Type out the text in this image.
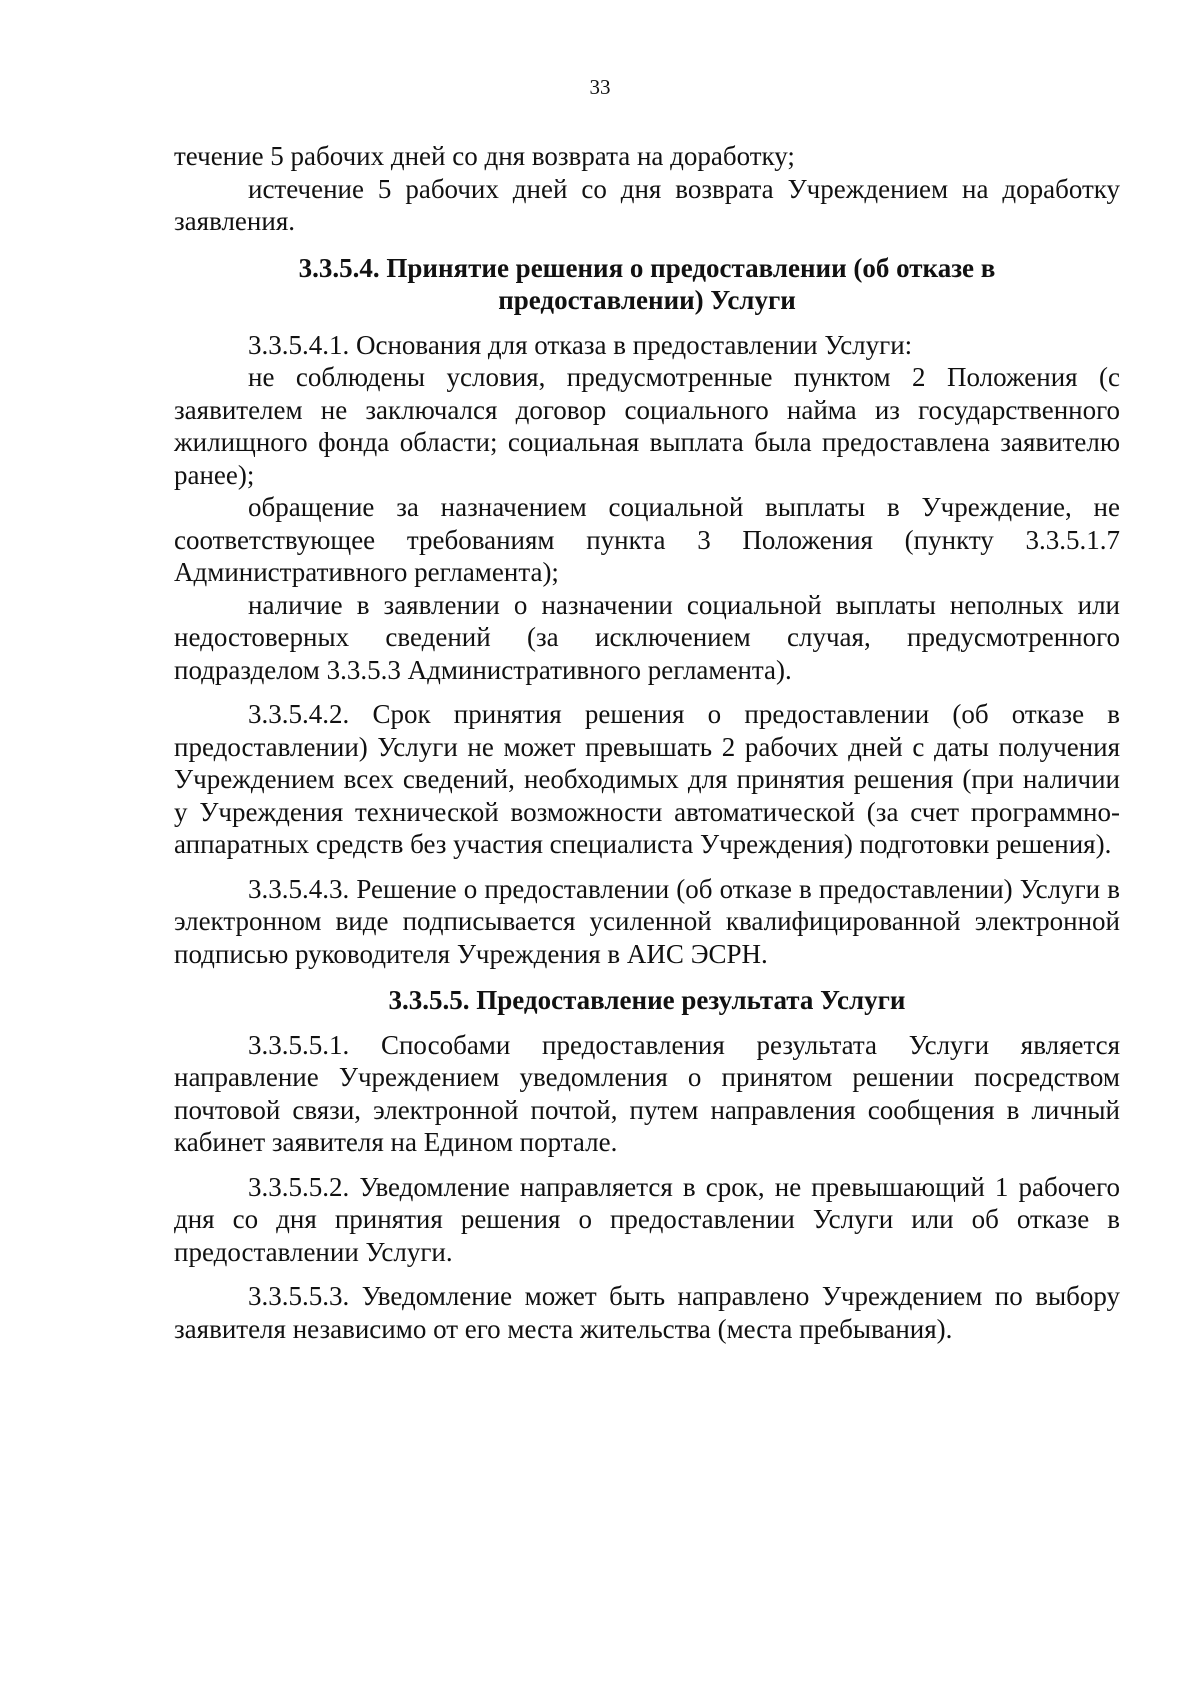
33

течение 5 рабочих дней со дня возврата на доработку;

истечение 5 рабочих дней со дня возврата Учреждением на доработку заявления.

3.3.5.4. Принятие решения о предоставлении (об отказе в предоставлении) Услуги

3.3.5.4.1. Основания для отказа в предоставлении Услуги:

не соблюдены условия, предусмотренные пунктом 2 Положения (с заявителем не заключался договор социального найма из государственного жилищного фонда области; социальная выплата была предоставлена заявителю ранее);

обращение за назначением социальной выплаты в Учреждение, не соответствующее требованиям пункта 3 Положения (пункту 3.3.5.1.7 Административного регламента);

наличие в заявлении о назначении социальной выплаты неполных или недостоверных сведений (за исключением случая, предусмотренного подразделом 3.3.5.3 Административного регламента).

3.3.5.4.2. Срок принятия решения о предоставлении (об отказе в предоставлении) Услуги не может превышать 2 рабочих дней с даты получения Учреждением всех сведений, необходимых для принятия решения (при наличии у Учреждения технической возможности автоматической (за счет программно-аппаратных средств без участия специалиста Учреждения) подготовки решения).

3.3.5.4.3. Решение о предоставлении (об отказе в предоставлении) Услуги в электронном виде подписывается усиленной квалифицированной электронной подписью руководителя Учреждения в АИС ЭСРН.

3.3.5.5. Предоставление результата Услуги

3.3.5.5.1. Способами предоставления результата Услуги является направление Учреждением уведомления о принятом решении посредством почтовой связи, электронной почтой, путем направления сообщения в личный кабинет заявителя на Едином портале.

3.3.5.5.2. Уведомление направляется в срок, не превышающий 1 рабочего дня со дня принятия решения о предоставлении Услуги или об отказе в предоставлении Услуги.

3.3.5.5.3. Уведомление может быть направлено Учреждением по выбору заявителя независимо от его места жительства (места пребывания).
